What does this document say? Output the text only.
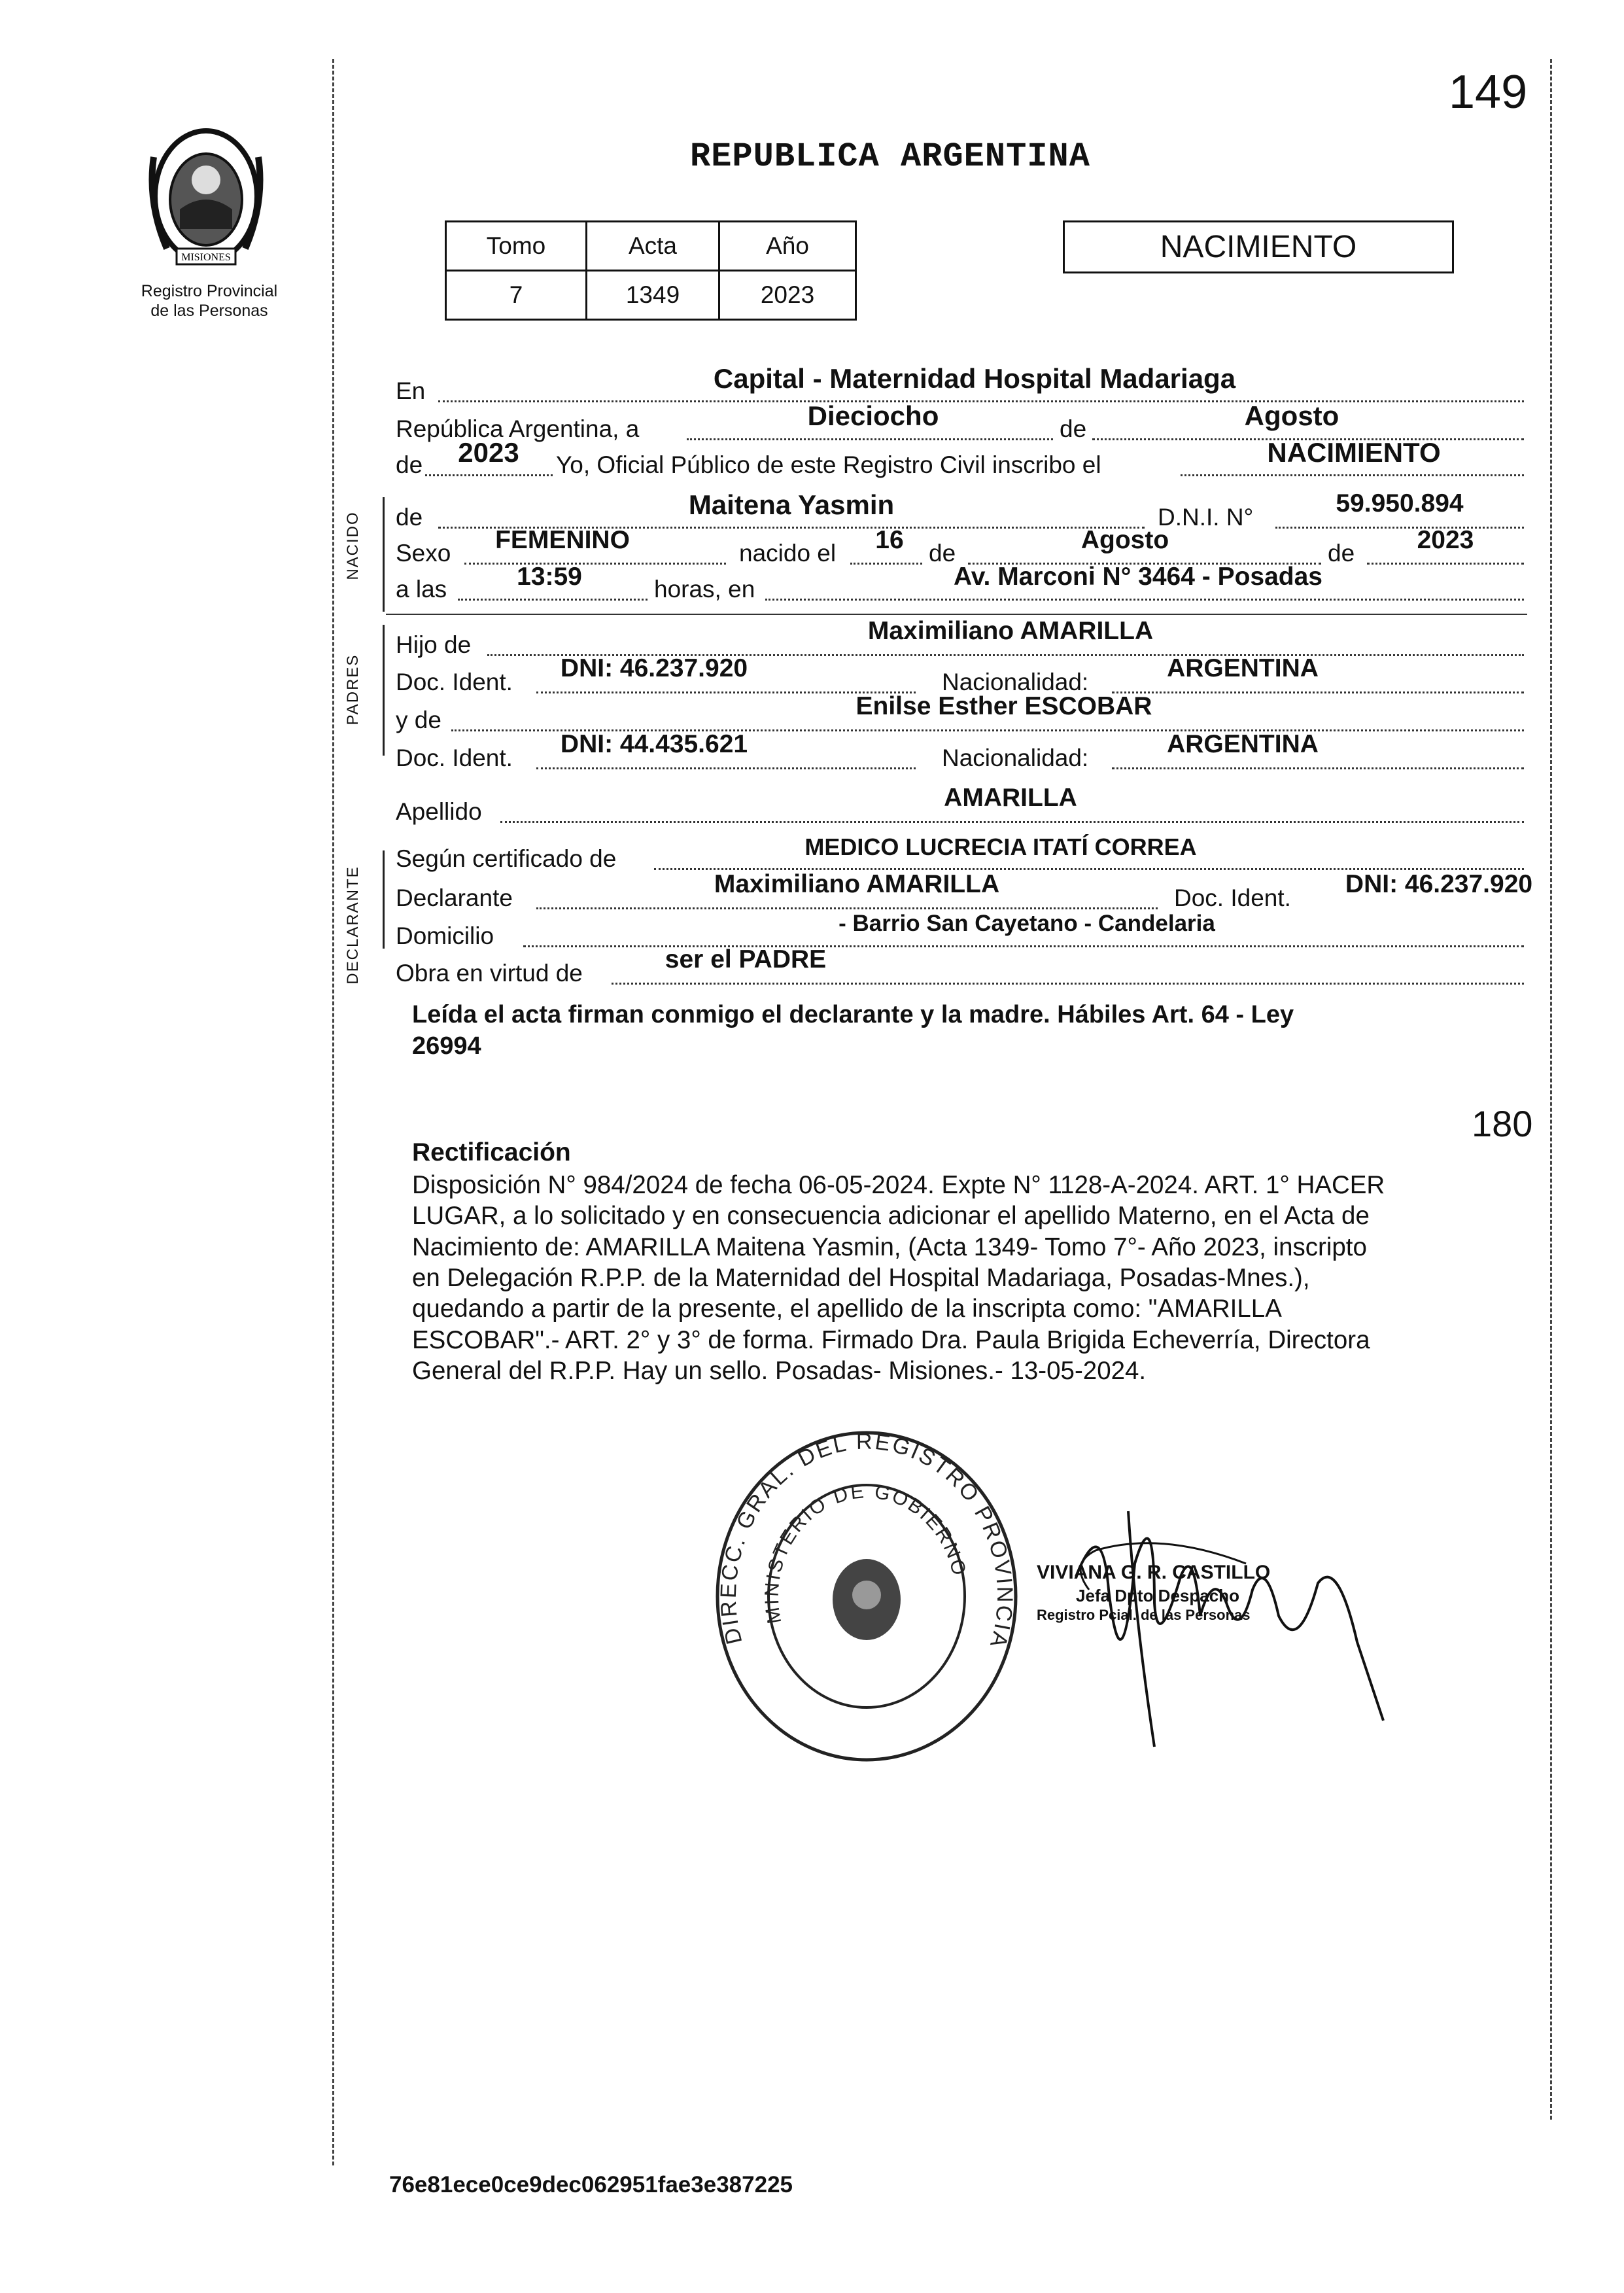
149
MISIONES
Registro Provincial
de las Personas
REPUBLICA ARGENTINA
Tomo	Acta	Año
7	1349	2023
NACIMIENTO
NACIDO
PADRES
DECLARANTE
En	Capital - Maternidad Hospital Madariaga
República Argentina, a	Dieciocho	de	Agosto
de 2023 Yo, Oficial Público de este Registro Civil inscribo el	NACIMIENTO
de	Maitena Yasmin	D.N.I. N°	59.950.894
Sexo FEMENINO	nacido el 16 de	Agosto	de 2023
a las	13:59	horas, en	Av. Marconi N° 3464 - Posadas
Hijo de	Maximiliano AMARILLA
Doc. Ident. DNI: 46.237.920	Nacionalidad:	ARGENTINA
y de	Enilse Esther ESCOBAR
Doc. Ident. DNI: 44.435.621	Nacionalidad:	ARGENTINA
Apellido	AMARILLA
Según certificado de	MEDICO LUCRECIA ITATÍ CORREA
Declarante	Maximiliano AMARILLA	Doc. Ident. DNI: 46.237.920
Domicilio	- Barrio San Cayetano - Candelaria
Obra en virtud de	ser el PADRE
Leída el acta firman conmigo el declarante y la madre. Hábiles Art. 64 - Ley
26994
180
Rectificación
Disposición N° 984/2024 de fecha 06-05-2024. Expte N° 1128-A-2024. ART. 1° HACER
LUGAR, a lo solicitado y en consecuencia adicionar el apellido Materno, en el Acta de
Nacimiento de: AMARILLA Maitena Yasmin, (Acta 1349- Tomo 7°- Año 2023, inscripto
en Delegación R.P.P. de la Maternidad del Hospital Madariaga, Posadas-Mnes.),
quedando a partir de la presente, el apellido de la inscripta como: "AMARILLA
ESCOBAR".- ART. 2° y 3° de forma. Firmado Dra. Paula Brigida Echeverría, Directora
General del R.P.P. Hay un sello. Posadas- Misiones.- 13-05-2024.
DIRECC. GRAL. DEL REGISTRO PROVINCIA
MINISTERIO DE GOBIERNO	VIVIANA G. R. CASTILLO
Jefa Dpto Despacho
Registro Pcial. de las Personas
76e81ece0ce9dec062951fae3e387225
